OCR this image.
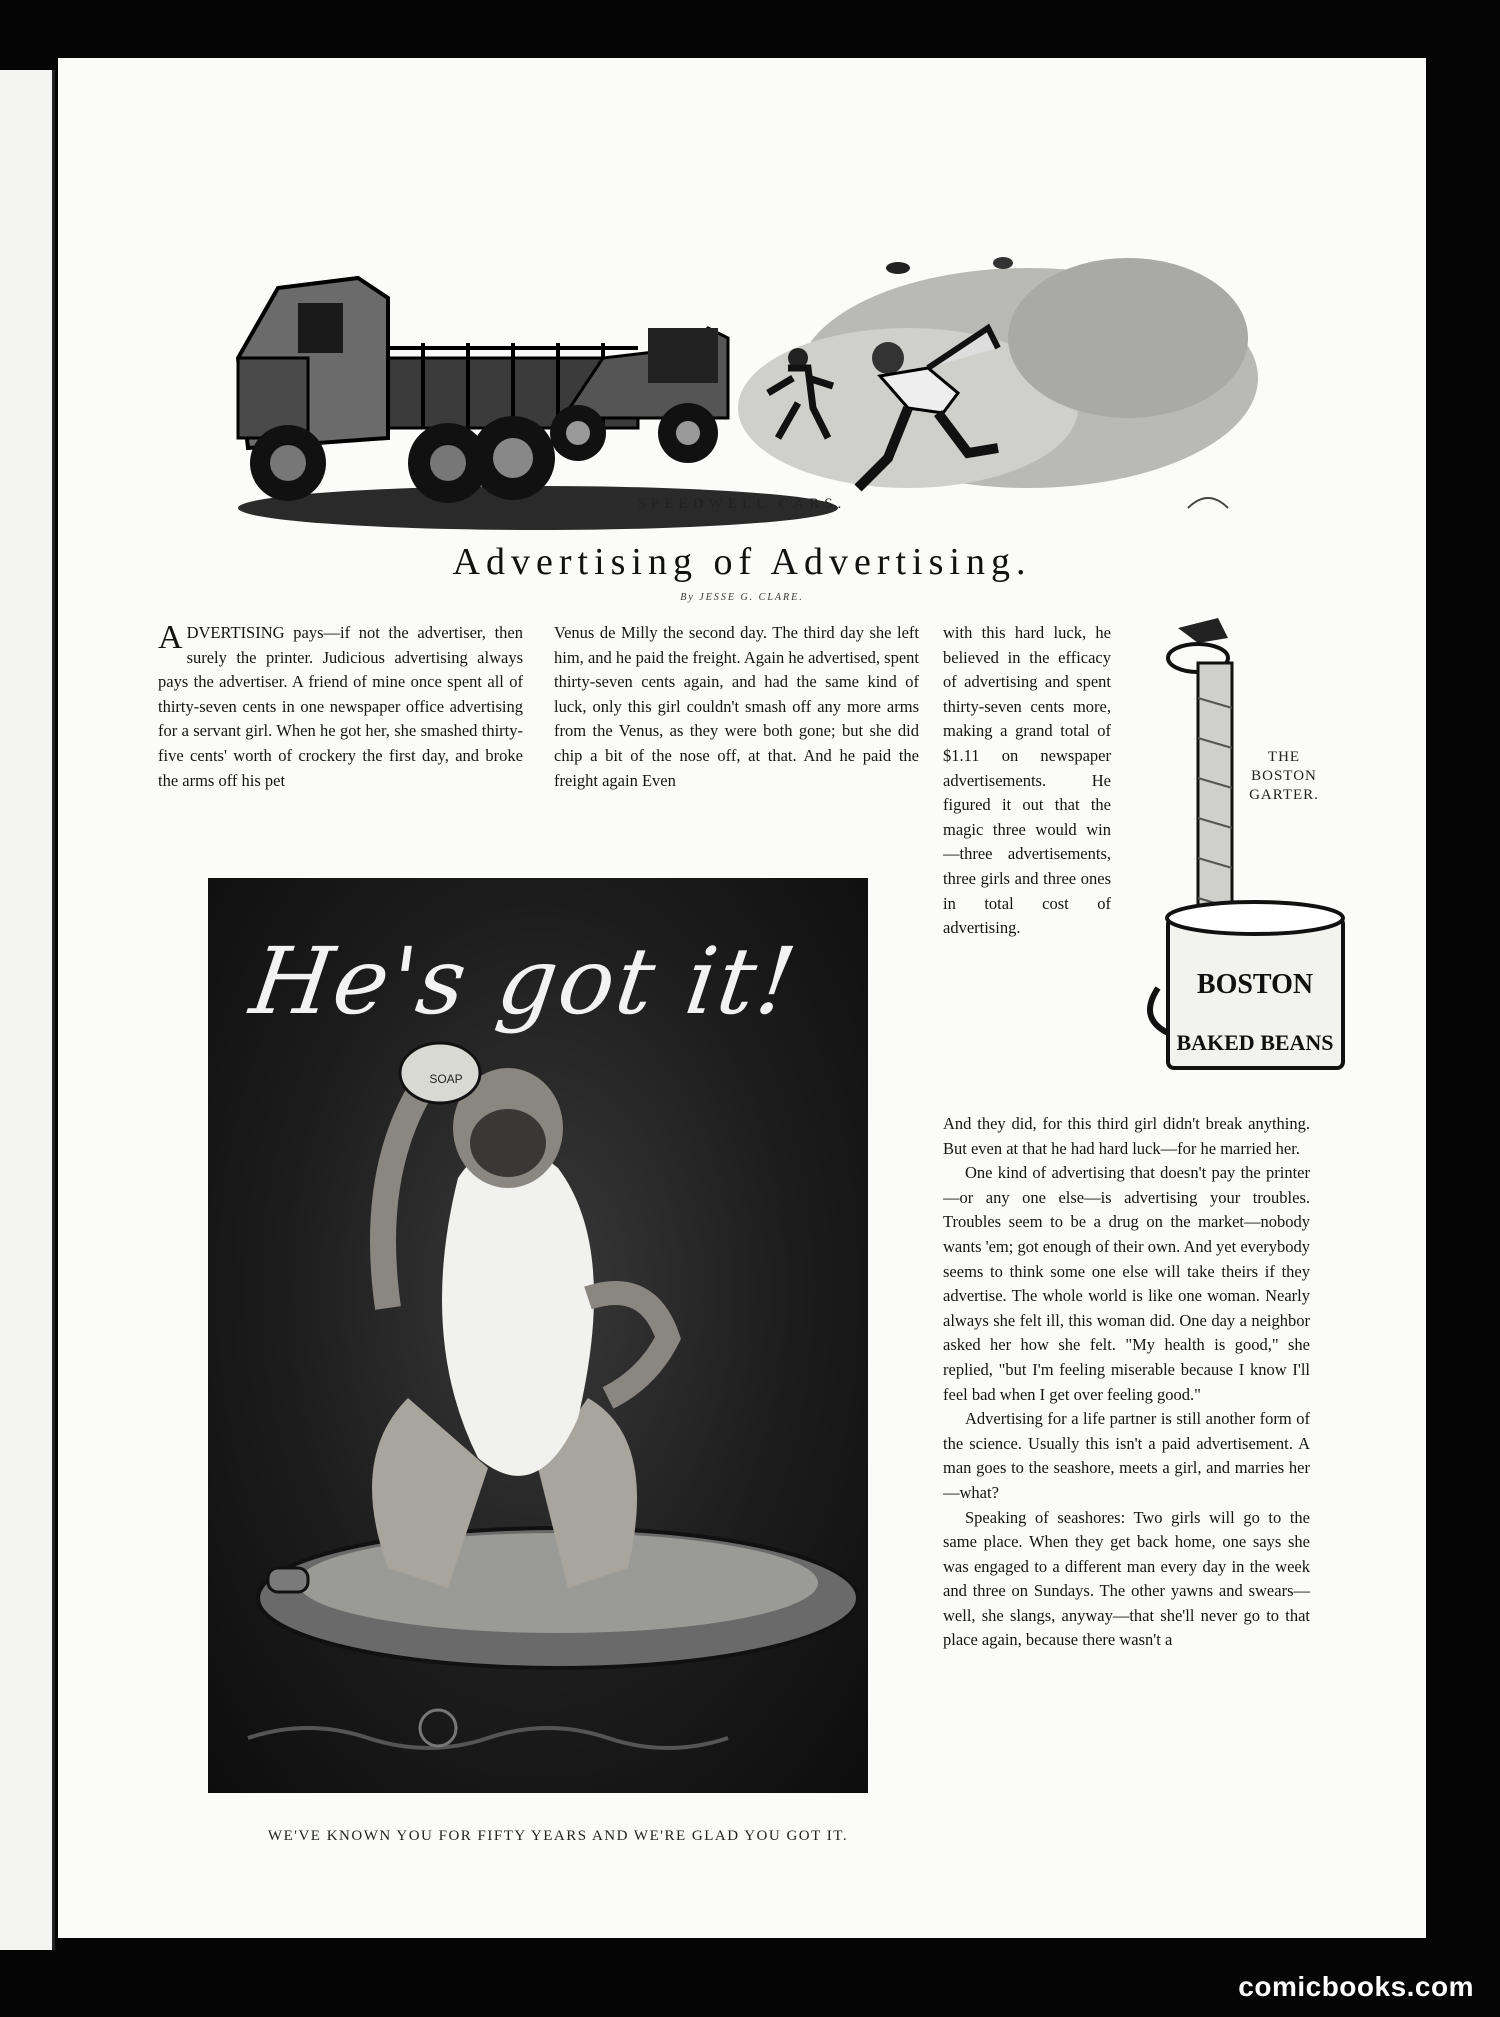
SPEEDWELL CARS.
Advertising of Advertising.
By JESSE G. CLARE.

ADVERTISING pays—if not the advertiser, then surely the printer. Judicious advertising always pays the advertiser. A friend of mine once spent all of thirty-seven cents in one newspaper office advertising for a servant girl. When he got her, she smashed thirty-five cents' worth of crockery the first day, and broke the arms off his pet

Venus de Milly the second day. The third day she left him, and he paid the freight. Again he advertised, spent thirty-seven cents again, and had the same kind of luck, only this girl couldn't smash off any more arms from the Venus, as they were both gone; but she did chip a bit of the nose off, at that. And he paid the freight again Even

with this hard luck, he believed in the efficacy of advertising and spent thirty-seven cents more, making a grand total of $1.11 on newspaper advertisements. He figured it out that the magic three would win—three advertisements, three girls and three ones in total cost of advertising.

And they did, for this third girl didn't break anything. But even at that he had hard luck—for he married her.

One kind of advertising that doesn't pay the printer—or any one else—is advertising your troubles. Troubles seem to be a drug on the market—nobody wants 'em; got enough of their own. And yet everybody seems to think some one else will take theirs if they advertise. The whole world is like one woman. Nearly always she felt ill, this woman did. One day a neighbor asked her how she felt. "My health is good," she replied, "but I'm feeling miserable because I know I'll feel bad when I get over feeling good."

Advertising for a life partner is still another form of the science. Usually this isn't a paid advertisement. A man goes to the seashore, meets a girl, and marries her—what?

Speaking of seashores: Two girls will go to the same place. When they get back home, one says she was engaged to a different man every day in the week and three on Sundays. The other yawns and swears—well, she slangs, anyway—that she'll never go to that place again, because there wasn't a

BOSTON
BAKED BEANS
THE
BOSTON
GARTER.
He's got it!
SOAP
WE'VE KNOWN YOU FOR FIFTY YEARS AND WE'RE GLAD YOU GOT IT.
comicbooks.com
